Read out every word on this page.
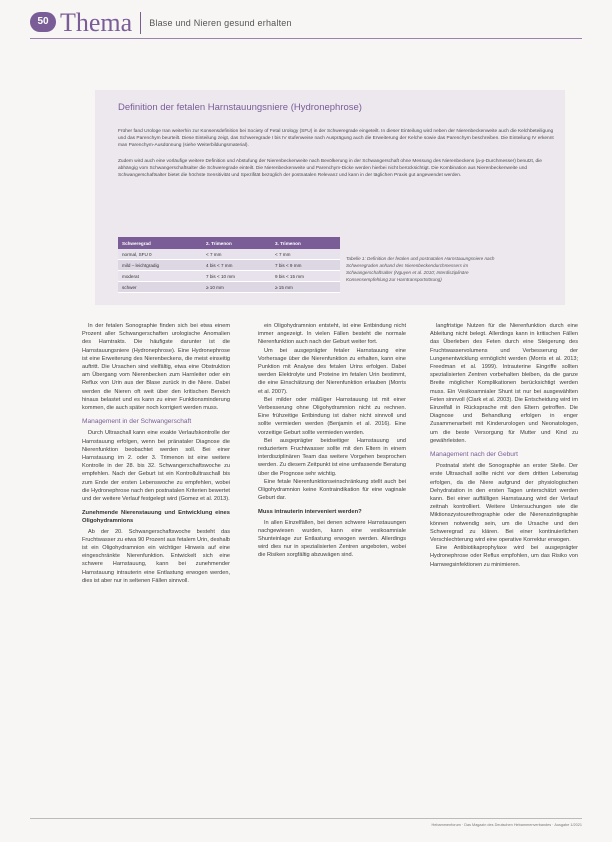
50 Thema Blase und Nieren gesund erhalten
Definition der fetalen Harnstauungsniere (Hydronephrose)
Früher fand Urologe Iran weiterhin zur Konsensdefinition bei Society of Fetal Urology (SFU) in der Schweregrade eingeteilt. In dieser Einteilung wird neben der Nierenbeckenweite auch die Kelchbeteiligung und das Parenchym beurteilt. Diese Einteilung zeigt, das Schweregrade I bis IV stufenweise nach Ausprägung auch die Erweiterung der Kelche sowie das Parenchym beschreiben. Die Einteilung IV erkennt man Parenchym-Ausdünnung (siehe Weiterbildungsmaterial).
Zudem wird auch eine vorläufige weitere Definition und Abstufung der Nierenbeckenweite nach Bevölkerung in der Schwangerschaft ohne Messung des Nierenbeckens (a-p-Durchmesser) benutzt, die abhängig vom Schwangerschaftsalter die Schweregrade einteilt. Die Nierenbeckenweite und Parenchym-Dicke werden hierbei nicht berücksichtigt. Die Kombination aus Nierenbeckenweite und Schwangerschaftsalter bietet die höchste Sensitivität und Spezifität bezüglich der postnatalen Relevanz und kann in der täglichen Praxis gut angewendet werden.
Schweregrad	2. Trimenon	3. Trimenon
normal, SFU 0	< 7 mm	< 7 mm
mild – leichtgradig	4 bis < 7 mm	7 bis < 9 mm
moderat	7 bis < 10 mm	9 bis < 15 mm
schwer	≥ 10 mm	≥ 15 mm
Tabelle 1: Definition der fetalen und postnatalen Harnstauungsniere nach Schweregraden anhand des Nierenbeckendurchmessers im Schwangerschaftsalter (Nguyen et al. 2010; Interdisziplinäre Konsensempfehlung zur Harntransportstörung)

In der fetalen Sonographie finden sich bei etwa einem Prozent aller Schwangerschaften urologische Anomalien des Harntrakts. Die häufigste darunter ist die Harnstauungsniere (Hydronephrose). Eine Hydronephrose ist eine Erweiterung des Nierenbeckens, die meist einseitig auftritt. Die Ursachen sind vielfältig, etwa eine Obstruktion am Übergang vom Nierenbecken zum Harnleiter oder ein Reflux von Urin aus der Blase zurück in die Niere. Dabei werden die Nieren oft weit über den kritischen Bereich hinaus belastet und es kann zu einer Funktionsminderung kommen, die auch später noch korrigiert werden muss.

Management in der Schwangerschaft

Durch Ultraschall kann eine exakte Verlaufskontrolle der Harnstauung erfolgen, wenn bei pränataler Diagnose die Nierenfunktion beobachtet werden soll. Bei einer Harnstauung im 2. oder 3. Trimenon ist eine weitere Kontrolle in der 28. bis 32. Schwangerschaftswoche zu empfehlen. Nach der Geburt ist ein Kontrollultraschall bis zum Ende der ersten Lebenswoche zu empfehlen, wobei die Hydronephrose nach den postnatalen Kriterien bewertet und der weitere Verlauf festgelegt wird (Gomez et al. 2013).

Zunehmende Nierenstauung und Entwicklung eines Oligohydramnions

Ab der 20. Schwangerschaftswoche besteht das Fruchtwasser zu etwa 90 Prozent aus fetalem Urin, deshalb ist ein Oligohydramnion ein wichtiger Hinweis auf eine eingeschränkte Nierenfunktion. Entwickelt sich eine schwere Harnstauung, kann bei zunehmender Harnstauung intrauterin eine Entlastung erwogen werden, dies ist aber nur in seltenen Fällen sinnvoll.

ein Oligohydramnion entsteht, ist eine Entbindung nicht immer angezeigt. In vielen Fällen besteht die normale Nierenfunktion auch nach der Geburt weiter fort.

Um bei ausgeprägter fetaler Harnstauung eine Vorhersage über die Nierenfunktion zu erhalten, kann eine Punktion mit Analyse des fetalen Urins erfolgen. Dabei werden Elektrolyte und Proteine im fetalen Urin bestimmt, die eine Einschätzung der Nierenfunktion erlauben (Morris et al. 2007).

Bei milder oder mäßiger Harnstauung ist mit einer Verbesserung ohne Oligohydramnion nicht zu rechnen. Eine frühzeitige Entbindung ist daher nicht sinnvoll und sollte vermieden werden (Benjamin et al. 2016). Eine vorzeitige Geburt sollte vermieden werden.

Bei ausgeprägter beidseitiger Harnstauung und reduziertem Fruchtwasser sollte mit den Eltern in einem interdisziplinären Team das weitere Vorgehen besprochen werden. Zu diesem Zeitpunkt ist eine umfassende Beratung über die Prognose sehr wichtig.

Eine fetale Nierenfunktionseinschränkung stellt auch bei Oligohydramnion keine Kontraindikation für eine vaginale Geburt dar.

Muss intrauterin interveniert werden?

In allen Einzelfällen, bei denen schwere Harnstauungen nachgewiesen wurden, kann eine vesikoamniale Shunteinlage zur Entlastung erwogen werden. Allerdings wird dies nur in spezialisierten Zentren angeboten, wobei die Risiken sorgfältig abzuwägen sind.

langfristige Nutzen für die Nierenfunktion durch eine Ableitung nicht belegt. Allerdings kann in kritischen Fällen das Überleben des Feten durch eine Steigerung des Fruchtwasservolumens und Verbesserung der Lungenentwicklung ermöglicht werden (Morris et al. 2013; Freedman et al. 1999). Intrauterine Eingriffe sollten spezialisierten Zentren vorbehalten bleiben, da die ganze Breite möglicher Komplikationen berücksichtigt werden muss. Ein Vesikoamnialer Shunt ist nur bei ausgewählten Feten sinnvoll (Clark et al. 2003). Die Entscheidung wird im Einzelfall in Rücksprache mit den Eltern getroffen. Die Diagnose und Behandlung erfolgen in enger Zusammenarbeit mit Kinderurologen und Neonatologen, um die beste Versorgung für Mutter und Kind zu gewährleisten.

Management nach der Geburt

Postnatal steht die Sonographie an erster Stelle. Der erste Ultraschall sollte nicht vor dem dritten Lebenstag erfolgen, da die Niere aufgrund der physiologischen Dehydratation in den ersten Tagen unterschätzt werden kann. Bei einer auffälligen Harnstauung wird der Verlauf zeitnah kontrolliert. Weitere Untersuchungen wie die Miktionszystourethrographie oder die Nierenszintigraphie können notwendig sein, um die Ursache und den Schweregrad zu klären. Bei einer kontinuierlichen Verschlechterung wird eine operative Korrektur erwogen.

Eine Antibiotikaprophylaxe wird bei ausgeprägter Hydronephrose oder Reflux empfohlen, um das Risiko von Harnwegsinfektionen zu minimieren.

Hebammenforum · Das Magazin des Deutschen Hebammenverbandes · Ausgabe 1/2021
